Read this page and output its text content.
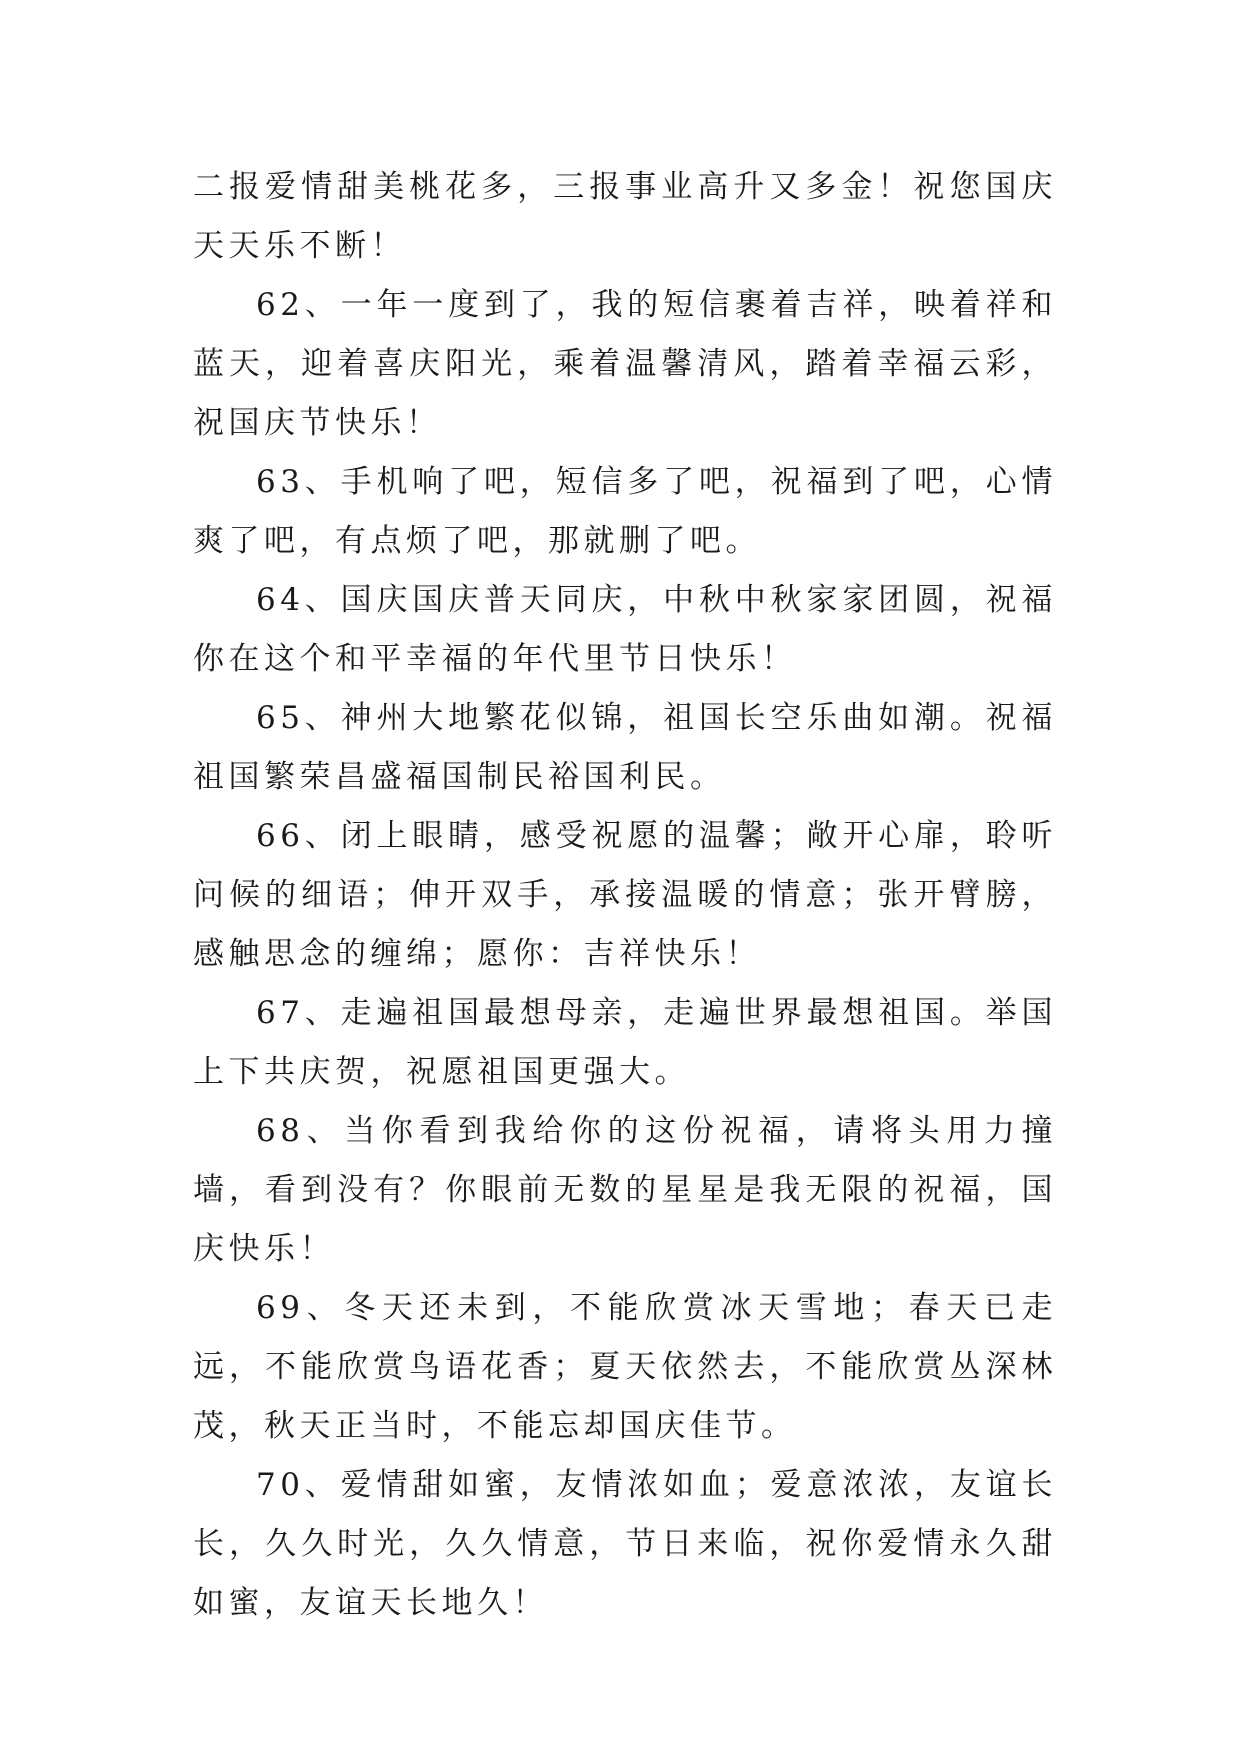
二报爱情甜美桃花多，三报事业高升又多金！祝您国庆天天乐不断！

62、一年一度到了，我的短信裹着吉祥，映着祥和蓝天，迎着喜庆阳光，乘着温馨清风，踏着幸福云彩，祝国庆节快乐！

63、手机响了吧，短信多了吧，祝福到了吧，心情爽了吧，有点烦了吧，那就删了吧。

64、国庆国庆普天同庆，中秋中秋家家团圆，祝福你在这个和平幸福的年代里节日快乐！

65、神州大地繁花似锦，祖国长空乐曲如潮。祝福祖国繁荣昌盛福国制民裕国利民。

66、闭上眼睛，感受祝愿的温馨；敞开心扉，聆听问候的细语；伸开双手，承接温暖的情意；张开臂膀，感触思念的缠绵；愿你：吉祥快乐！

67、走遍祖国最想母亲，走遍世界最想祖国。举国上下共庆贺，祝愿祖国更强大。

68、当你看到我给你的这份祝福，请将头用力撞墙，看到没有？你眼前无数的星星是我无限的祝福，国庆快乐！

69、冬天还未到，不能欣赏冰天雪地；春天已走远，不能欣赏鸟语花香；夏天依然去，不能欣赏丛深林茂，秋天正当时，不能忘却国庆佳节。

70、爱情甜如蜜，友情浓如血；爱意浓浓，友谊长长，久久时光，久久情意，节日来临，祝你爱情永久甜如蜜，友谊天长地久！
